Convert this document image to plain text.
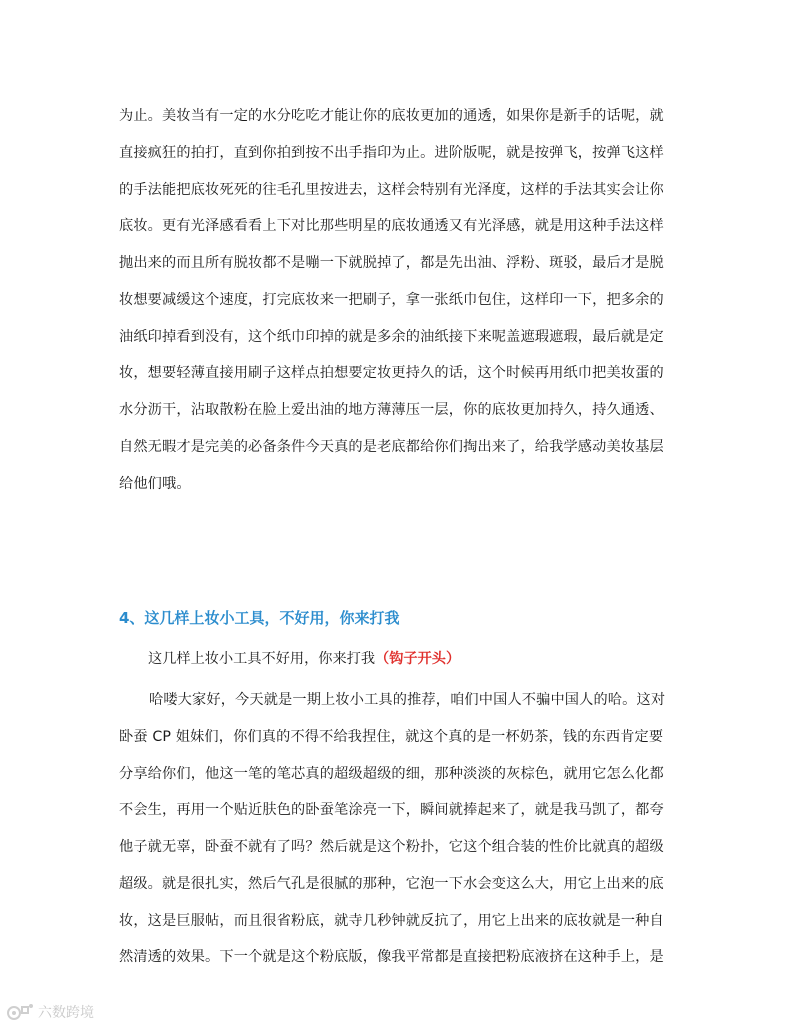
为止。美妆当有一定的水分吃吃才能让你的底妆更加的通透，如果你是新手的话呢，就
直接疯狂的拍打，直到你拍到按不出手指印为止。进阶版呢，就是按弹飞，按弹飞这样
的手法能把底妆死死的往毛孔里按进去，这样会特别有光泽度，这样的手法其实会让你
底妆。更有光泽感看看上下对比那些明星的底妆通透又有光泽感，就是用这种手法这样
抛出来的而且所有脱妆都不是嘣一下就脱掉了，都是先出油、浮粉、斑驳，最后才是脱
妆想要减缓这个速度，打完底妆来一把刷子，拿一张纸巾包住，这样印一下，把多余的
油纸印掉看到没有，这个纸巾印掉的就是多余的油纸接下来呢盖遮瑕遮瑕，最后就是定
妆，想要轻薄直接用刷子这样点拍想要定妆更持久的话，这个时候再用纸巾把美妆蛋的
水分沥干，沾取散粉在脸上爱出油的地方薄薄压一层，你的底妆更加持久，持久通透、
自然无暇才是完美的必备条件今天真的是老底都给你们掏出来了，给我学感动美妆基层
给他们哦。
4、这几样上妆小工具，不好用，你来打我
这几样上妆小工具不好用，你来打我（钩子开头）
哈喽大家好，今天就是一期上妆小工具的推荐，咱们中国人不骗中国人的哈。这对
卧蚕 CP 姐妹们，你们真的不得不给我捏住，就这个真的是一杯奶茶，钱的东西肯定要
分享给你们，他这一笔的笔芯真的超级超级的细，那种淡淡的灰棕色，就用它怎么化都
不会生，再用一个贴近肤色的卧蚕笔涂亮一下，瞬间就捧起来了，就是我马凯了，都夸
他子就无辜，卧蚕不就有了吗？然后就是这个粉扑，它这个组合装的性价比就真的超级
超级。就是很扎实，然后气孔是很腻的那种，它泡一下水会变这么大，用它上出来的底
妆，这是巨服帖，而且很省粉底，就寺几秒钟就反抗了，用它上出来的底妆就是一种自
然清透的效果。下一个就是这个粉底版，像我平常都是直接把粉底液挤在这种手上，是
六数跨境
